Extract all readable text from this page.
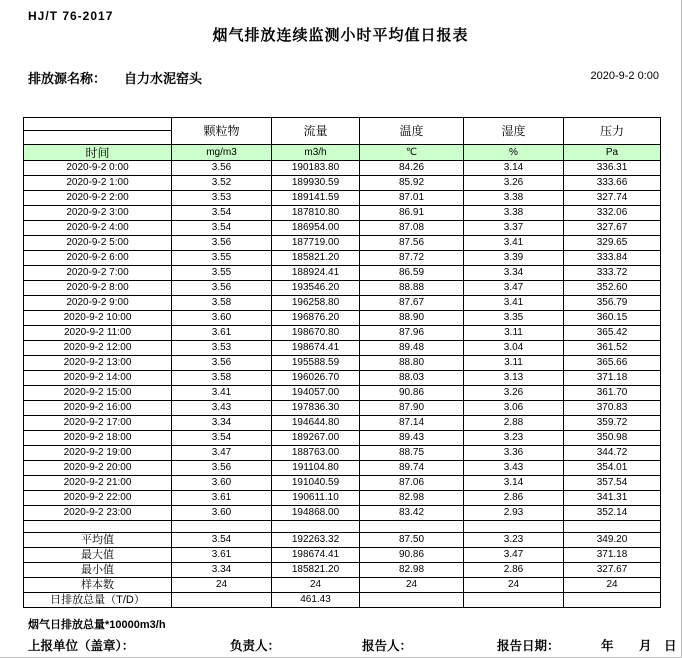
HJ/T 76-2017
烟气排放连续监测小时平均值日报表
排放源名称： 自力水泥窑头	2020-9-2 0:00
	颗粒物	流量	温度	湿度	压力

时间	mg/m3	m3/h	℃	%	Pa
2020-9-2 0:00	3.56	190183.80	84.26	3.14	336.31
2020-9-2 1:00	3.52	189930.59	85.92	3.26	333.66
2020-9-2 2:00	3.53	189141.59	87.01	3.38	327.74
2020-9-2 3:00	3.54	187810.80	86.91	3.38	332.06
2020-9-2 4:00	3.54	186954.00	87.08	3.37	327.67
2020-9-2 5:00	3.56	187719.00	87.56	3.41	329.65
2020-9-2 6:00	3.55	185821.20	87.72	3.39	333.84
2020-9-2 7:00	3.55	188924.41	86.59	3.34	333.72
2020-9-2 8:00	3.56	193546.20	88.88	3.47	352.60
2020-9-2 9:00	3.58	196258.80	87.67	3.41	356.79
2020-9-2 10:00	3.60	196876.20	88.90	3.35	360.15
2020-9-2 11:00	3.61	198670.80	87.96	3.11	365.42
2020-9-2 12:00	3.53	198674.41	89.48	3.04	361.52
2020-9-2 13:00	3.56	195588.59	88.80	3.11	365.66
2020-9-2 14:00	3.58	196026.70	88.03	3.13	371.18
2020-9-2 15:00	3.41	194057.00	90.86	3.26	361.70
2020-9-2 16:00	3.43	197836.30	87.90	3.06	370.83
2020-9-2 17:00	3.34	194644.80	87.14	2.88	359.72
2020-9-2 18:00	3.54	189267.00	89.43	3.23	350.98
2020-9-2 19:00	3.47	188763.00	88.75	3.36	344.72
2020-9-2 20:00	3.56	191104.80	89.74	3.43	354.01
2020-9-2 21:00	3.60	191040.59	87.06	3.14	357.54
2020-9-2 22:00	3.61	190611.10	82.98	2.86	341.31
2020-9-2 23:00	3.60	194868.00	83.42	2.93	352.14

平均值	3.54	192263.32	87.50	3.23	349.20
最大值	3.61	198674.41	90.86	3.47	371.18
最小值	3.34	185821.20	82.98	2.86	327.67
样本数	24	24	24	24	24
日排放总量（T/D）		461.43			
烟气日排放总量*10000m3/h
上报单位（盖章）：	负责人：	报告人：	报告日期：	年 月 日
